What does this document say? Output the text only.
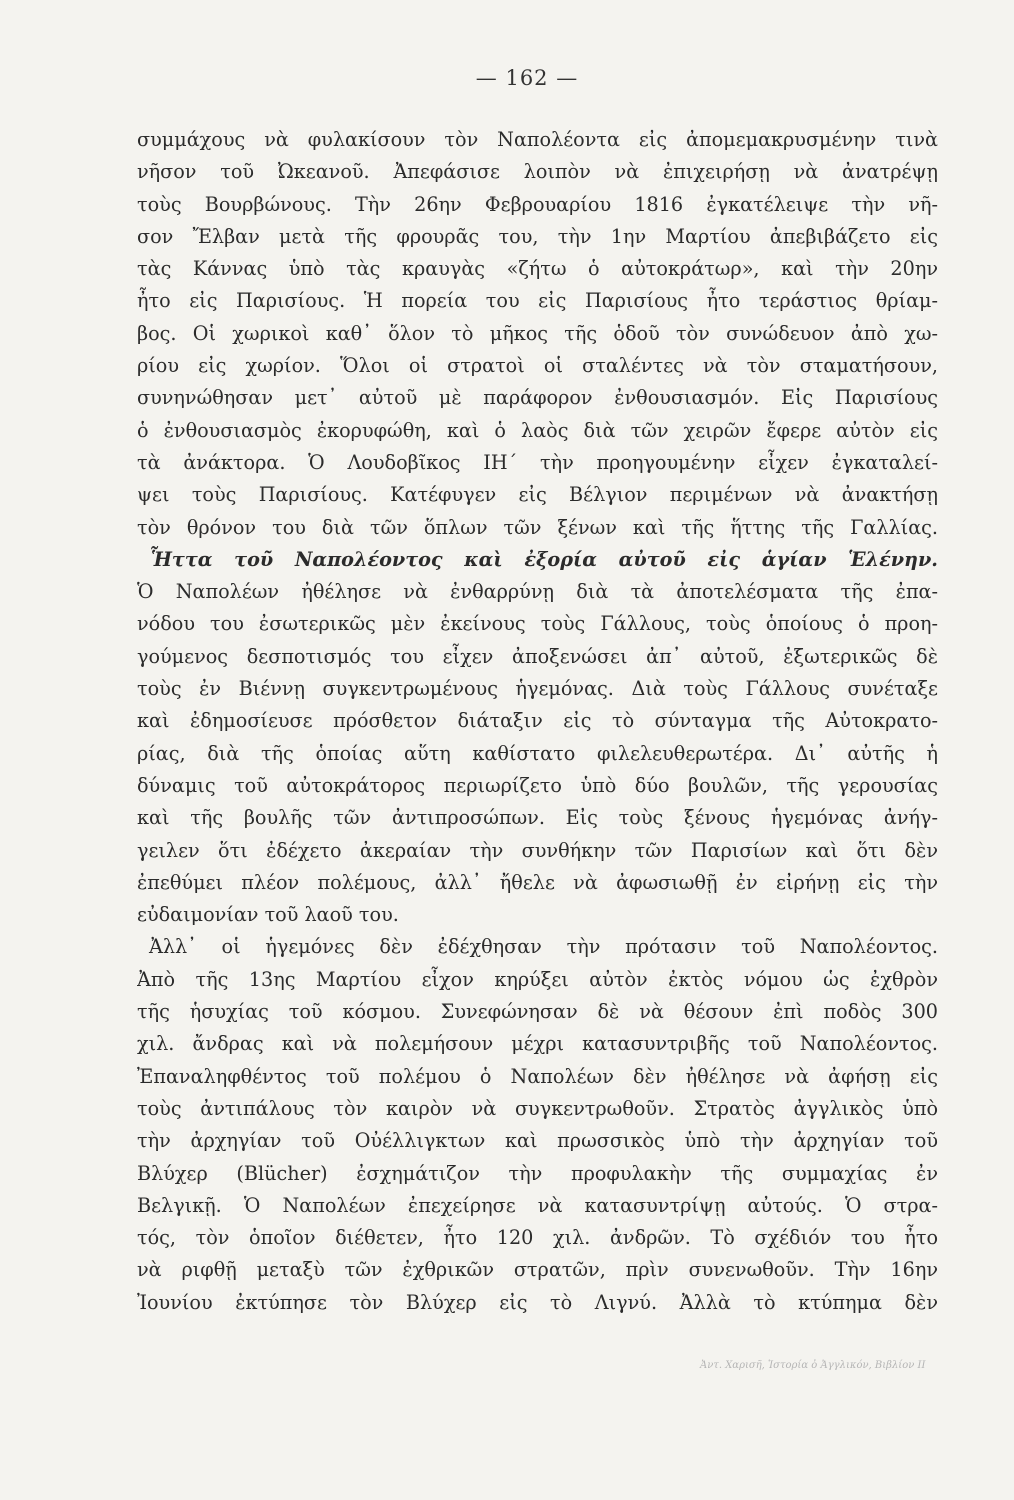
— 162 —
συμμάχους νὰ φυλακίσουν τὸν Ναπολέοντα εἰς ἀπομεμακρυσμένην τινὰ
νῆσον τοῦ Ὠκεανοῦ. Ἀπεφάσισε λοιπὸν νὰ ἐπιχειρήσῃ νὰ ἀνατρέψῃ
τοὺς Βουρβώνους. Τὴν 26ην Φεβρουαρίου 1816 ἐγκατέλειψε τὴν νῆ-
σον Ἔλβαν μετὰ τῆς φρουρᾶς του, τὴν 1ην Μαρτίου ἀπεβιβάζετο εἰς
τὰς Κάννας ὑπὸ τὰς κραυγὰς «ζήτω ὁ αὐτοκράτωρ», καὶ τὴν 20ην
ἦτο εἰς Παρισίους. Ἡ πορεία του εἰς Παρισίους ἦτο τεράστιος θρίαμ-
βος. Οἱ χωρικοὶ καθ᾿ ὅλον τὸ μῆκος τῆς ὁδοῦ τὸν συνώδευον ἀπὸ χω-
ρίου εἰς χωρίον. Ὅλοι οἱ στρατοὶ οἱ σταλέντες νὰ τὸν σταματήσουν,
συνηνώθησαν μετ᾿ αὐτοῦ μὲ παράφορον ἐνθουσιασμόν. Εἰς Παρισίους
ὁ ἐνθουσιασμὸς ἐκορυφώθη, καὶ ὁ λαὸς διὰ τῶν χειρῶν ἔφερε αὐτὸν εἰς
τὰ ἀνάκτορα. Ὁ Λουδοβῖκος ΙΗ΄ τὴν προηγουμένην εἶχεν ἐγκαταλεί-
ψει τοὺς Παρισίους. Κατέφυγεν εἰς Βέλγιον περιμένων νὰ ἀνακτήσῃ
τὸν θρόνον του διὰ τῶν ὅπλων τῶν ξένων καὶ τῆς ἥττης τῆς Γαλλίας.
Ἧττα τοῦ Ναπολέοντος καὶ ἐξορία αὐτοῦ εἰς ἁγίαν Ἑλένην.
Ὁ Ναπολέων ἠθέλησε νὰ ἐνθαρρύνῃ διὰ τὰ ἀποτελέσματα τῆς ἐπα-
νόδου του ἐσωτερικῶς μὲν ἐκείνους τοὺς Γάλλους, τοὺς ὁποίους ὁ προη-
γούμενος δεσποτισμός του εἶχεν ἀποξενώσει ἀπ᾿ αὐτοῦ, ἐξωτερικῶς δὲ
τοὺς ἐν Βιέννῃ συγκεντρωμένους ἡγεμόνας. Διὰ τοὺς Γάλλους συνέταξε
καὶ ἐδημοσίευσε πρόσθετον διάταξιν εἰς τὸ σύνταγμα τῆς Αὐτοκρατο-
ρίας, διὰ τῆς ὁποίας αὕτη καθίστατο φιλελευθερωτέρα. Δι᾿ αὐτῆς ἡ
δύναμις τοῦ αὐτοκράτορος περιωρίζετο ὑπὸ δύο βουλῶν, τῆς γερουσίας
καὶ τῆς βουλῆς τῶν ἀντιπροσώπων. Εἰς τοὺς ξένους ἡγεμόνας ἀνήγ-
γειλεν ὅτι ἐδέχετο ἀκεραίαν τὴν συνθήκην τῶν Παρισίων καὶ ὅτι δὲν
ἐπεθύμει πλέον πολέμους, ἀλλ᾿ ἤθελε νὰ ἀφωσιωθῇ ἐν εἰρήνῃ εἰς τὴν
εὐδαιμονίαν τοῦ λαοῦ του.
Ἀλλ᾿ οἱ ἡγεμόνες δὲν ἐδέχθησαν τὴν πρότασιν τοῦ Ναπολέοντος.
Ἀπὸ τῆς 13ης Μαρτίου εἶχον κηρύξει αὐτὸν ἐκτὸς νόμου ὡς ἐχθρὸν
τῆς ἡσυχίας τοῦ κόσμου. Συνεφώνησαν δὲ νὰ θέσουν ἐπὶ ποδὸς 300
χιλ. ἄνδρας καὶ νὰ πολεμήσουν μέχρι κατασυντριβῆς τοῦ Ναπολέοντος.
Ἐπαναληφθέντος τοῦ πολέμου ὁ Ναπολέων δὲν ἠθέλησε νὰ ἀφήσῃ εἰς
τοὺς ἀντιπάλους τὸν καιρὸν νὰ συγκεντρωθοῦν. Στρατὸς ἀγγλικὸς ὑπὸ
τὴν ἀρχηγίαν τοῦ Οὐέλλιγκτων καὶ πρωσσικὸς ὑπὸ τὴν ἀρχηγίαν τοῦ
Βλύχερ (Blücher) ἐσχημάτιζον τὴν προφυλακὴν τῆς συμμαχίας ἐν
Βελγικῇ. Ὁ Ναπολέων ἐπεχείρησε νὰ κατασυντρίψῃ αὐτούς. Ὁ στρα-
τός, τὸν ὁποῖον διέθετεν, ἦτο 120 χιλ. ἀνδρῶν. Τὸ σχέδιόν του ἦτο
νὰ ριφθῇ μεταξὺ τῶν ἐχθρικῶν στρατῶν, πρὶν συνενωθοῦν. Τὴν 16ην
Ἰουνίου ἐκτύπησε τὸν Βλύχερ εἰς τὸ Λιγνύ. Ἀλλὰ τὸ κτύπημα δὲν
Ἀντ. Χαρισῆ, Ἱστορία ὀ Ἀγγλικόν, Βιβλίον ΙΙ
